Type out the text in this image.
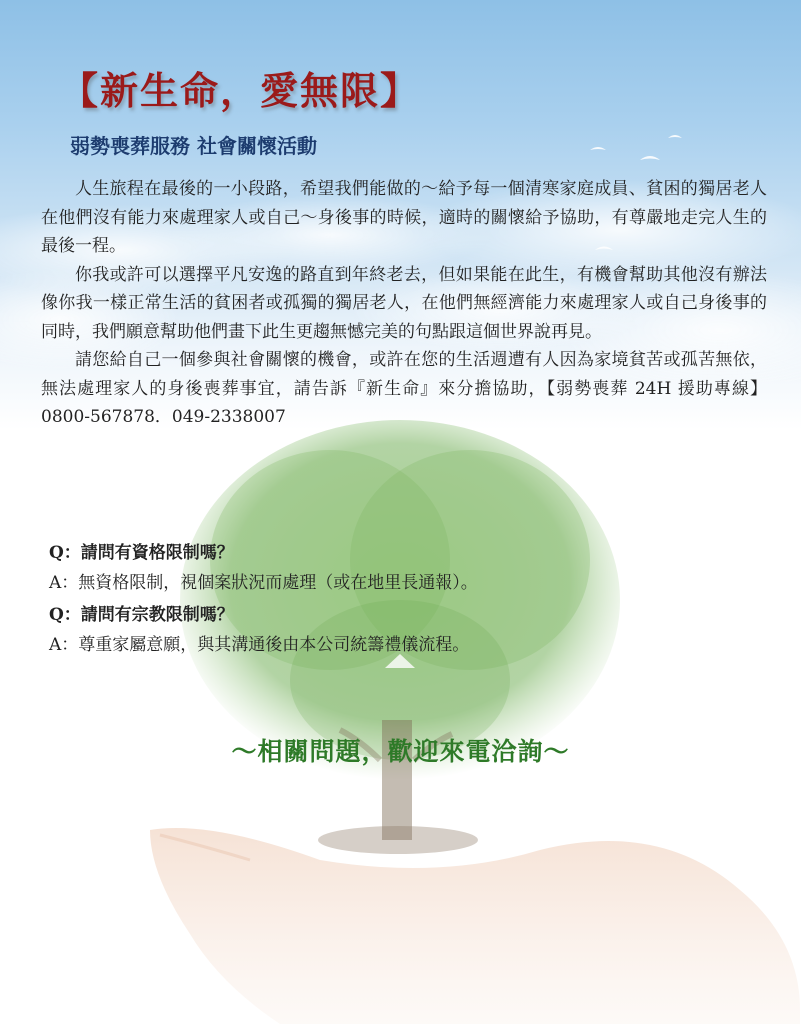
【新生命，愛無限】
弱勢喪葬服務 社會關懷活動

人生旅程在最後的一小段路，希望我們能做的～給予每一個清寒家庭成員、貧困的獨居老人在他們沒有能力來處理家人或自己～身後事的時候，適時的關懷給予協助，有尊嚴地走完人生的最後一程。

你我或許可以選擇平凡安逸的路直到年終老去，但如果能在此生，有機會幫助其他沒有辦法像你我一樣正常生活的貧困者或孤獨的獨居老人，在他們無經濟能力來處理家人或自己身後事的同時，我們願意幫助他們畫下此生更趨無憾完美的句點跟這個世界說再見。

請您給自己一個參與社會關懷的機會，或許在您的生活週遭有人因為家境貧苦或孤苦無依，無法處理家人的身後喪葬事宜，請告訴『新生命』來分擔協助，【弱勢喪葬 24H 援助專線】0800-567878．049-2338007

Q：請問有資格限制嗎？

A：無資格限制，視個案狀況而處理（或在地里長通報）。

Q：請問有宗教限制嗎？

A：尊重家屬意願，與其溝通後由本公司統籌禮儀流程。

～相關問題，歡迎來電洽詢～
